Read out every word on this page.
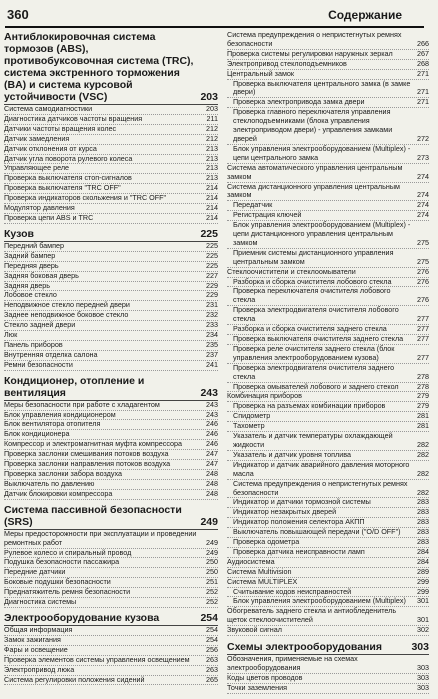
360	Содержание
Антиблокировочная система тормозов (ABS), противобуксовочная система (TRC), система экстренного торможения (BA) и система курсовой устойчивости (VSC)	203
Система самодиагностики	203
Диагностика датчиков частоты вращения	211
Датчики частоты вращения колес	212
Датчик замедления	212
Датчик отклонения от курса	213
Датчик угла поворота рулевого колеса	213
Управляющее реле	213
Проверка выключателя стоп-сигналов	213
Проверка выключателя "TRC OFF"	214
Проверка индикаторов скольжения и "TRC OFF"	214
Модулятор давления	214
Проверка цепи ABS и TRC	214
Кузов	225
Передний бампер	225
Задний бампер	225
Передняя дверь	225
Задняя боковая дверь	227
Задняя дверь	229
Лобовое стекло	229
Неподвижное стекло передней двери	231
Заднее неподвижное боковое стекло	232
Стекло задней двери	233
Люк	234
Панель приборов	235
Внутренняя отделка салона	237
Ремни безопасности	241
Кондиционер, отопление и вентиляция	243
Меры безопасности при работе с хладагентом	243
Блок управления кондиционером	243
Блок вентилятора отопителя	246
Блок кондиционера	246
Компрессор и электромагнитная муфта компрессора	246
Проверка заслонки смешивания потоков воздуха	247
Проверка заслонки направления потоков воздуха	247
Проверка заслонки забора воздуха	248
Выключатель по давлению	248
Датчик блокировки компрессора	248
Система пассивной безопасности (SRS)	249
Меры предосторожности при эксплуатации и проведении ремонтных работ	249
Рулевое колесо и спиральный провод	249
Подушка безопасности пассажира	250
Передние датчики	250
Боковые подушки безопасности	251
Преднатяжитель ремня безопасности	252
Диагностика системы	252
Электрооборудование кузова	254
Общая информация	254
Замок зажигания	254
Фары и освещение	256
Проверка элементов системы управления освещением	263
Электропривод люка	263
Система регулировки положения сидений	265
Система предупреждения о непристегнутых ремнях безопасности	266
Проверка системы регулировки наружных зеркал	267
Электропривод стеклоподъемников	268
Центральный замок	271
Проверка выключателя центрального замка (в замке двери)	271
Проверка электропривода замка двери	271
Проверка главного переключателя управления стеклоподъемниками (блока управления электроприводом двери) - управления замками дверей	272
Блок управления электрооборудованием (Multiplex) - цепи центрального замка	273
Система автоматического управления центральным замком	274
Система дистанционного управления центральным замком	274
Передатчик	274
Регистрация ключей	274
Блок управления электрооборудованием (Multiplex) - цепи дистанционного управления центральным замком	275
Приемник системы дистанционного управления центральным замком	275
Стеклоочистители и стеклоомыватели	276
Разборка и сборка очистителя лобового стекла	276
Проверка переключателя очистителя лобового стекла	276
Проверка электродвигателя очистителя лобового стекла	277
Разборка и сборка очистителя заднего стекла	277
Проверка выключателя очистителя заднего стекла	277
Проверка реле очистителя заднего стекла (блок управления электрооборудованием кузова)	277
Проверка электродвигателя очистителя заднего стекла	278
Проверка омывателей лобового и заднего стекол	278
Комбинация приборов	279
Проверка на разъемах комбинации приборов	279
Спидометр	281
Тахометр	281
Указатель и датчик температуры охлаждающей жидкости	282
Указатель и датчик уровня топлива	282
Индикатор и датчик аварийного давления моторного масла	282
Система предупреждения о непристегнутых ремнях безопасности	282
Индикатор и датчики тормозной системы	283
Индикатор незакрытых дверей	283
Индикатор положения селектора АКПП	283
Выключатель повышающей передачи ("O/D OFF")	283
Проверка одометра	283
Проверка датчика неисправности ламп	284
Аудиосистема	284
Система Multivision	289
Система MULTIPLEX	299
Считывание кодов неисправностей	299
Блок управления электрооборудованием (Multiplex)	301
Обогреватель заднего стекла и антиобледенитель щеток стеклоочистителей	301
Звуковой сигнал	302
Схемы электрооборудования	303
Обозначения, применяемые на схемах электрооборудования	303
Коды цветов проводов	303
Точки заземления	303
